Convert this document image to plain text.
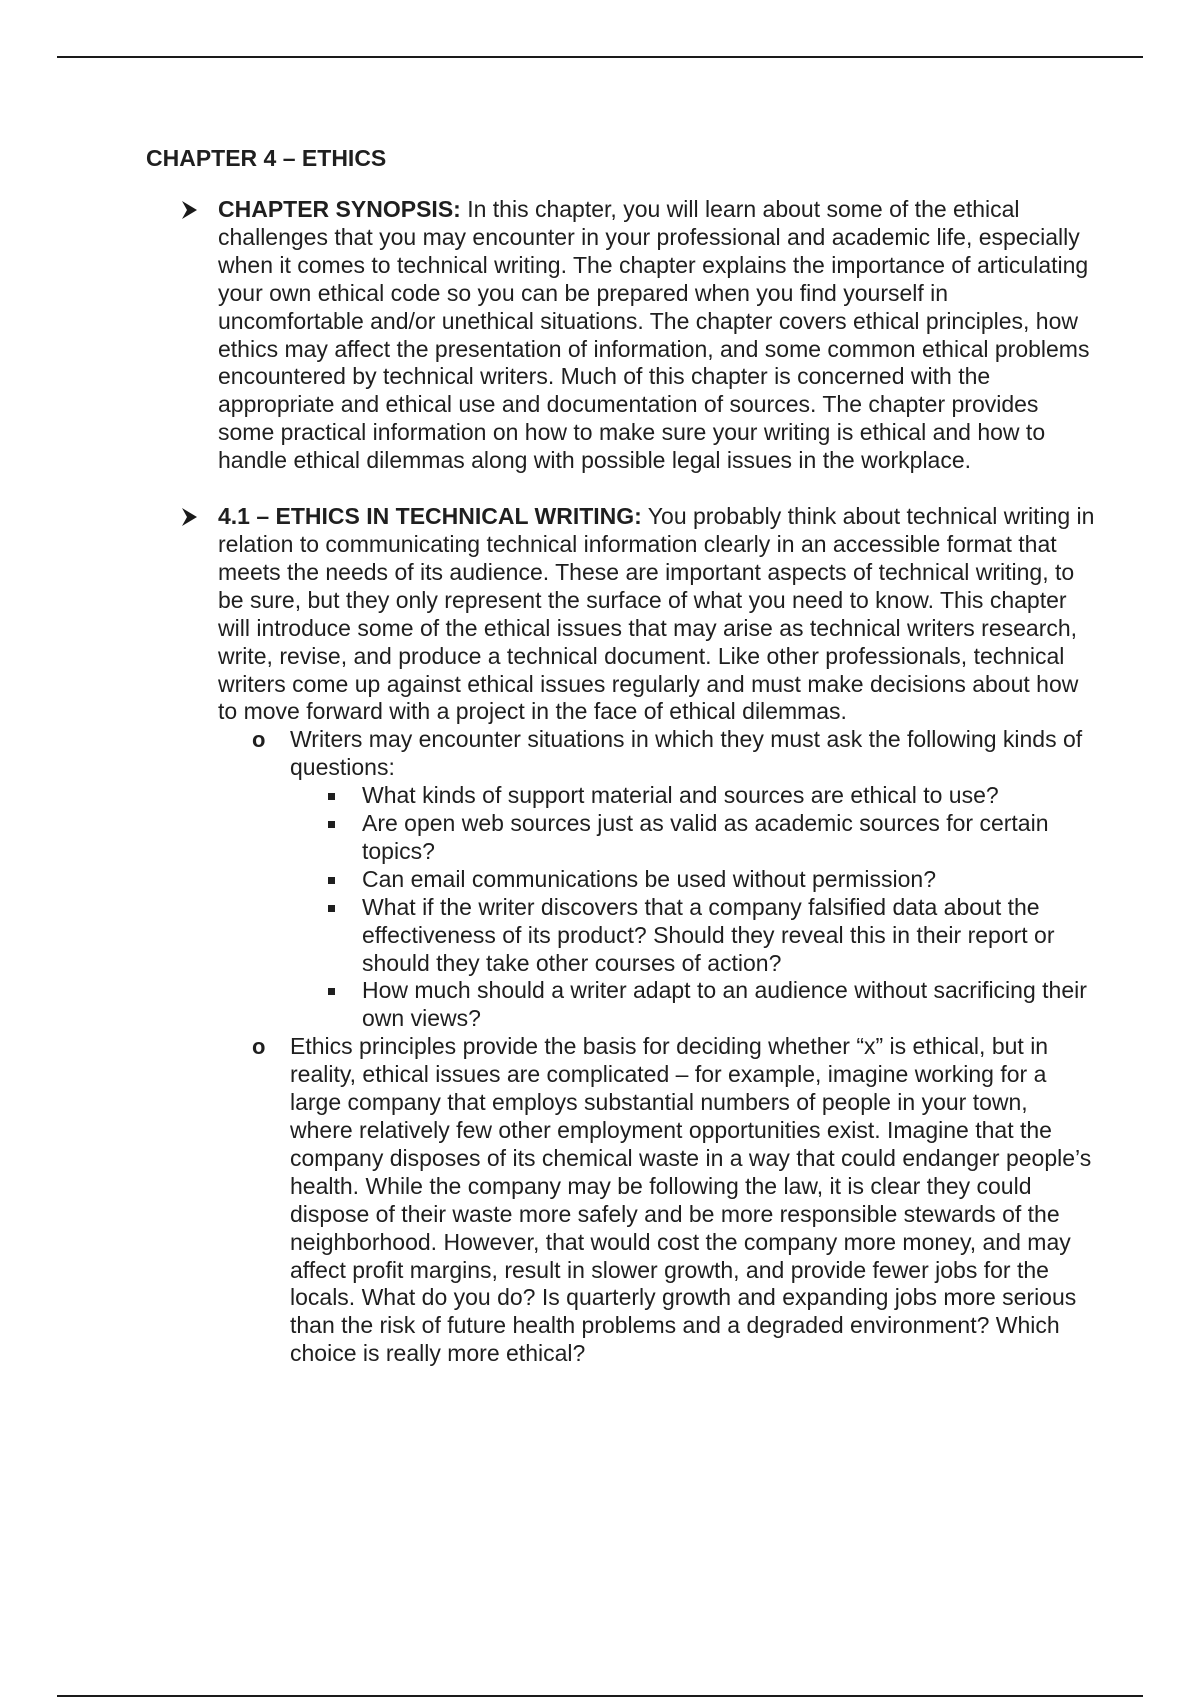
CHAPTER 4 – ETHICS
CHAPTER SYNOPSIS: In this chapter, you will learn about some of the ethical challenges that you may encounter in your professional and academic life, especially when it comes to technical writing. The chapter explains the importance of articulating your own ethical code so you can be prepared when you find yourself in uncomfortable and/or unethical situations. The chapter covers ethical principles, how ethics may affect the presentation of information, and some common ethical problems encountered by technical writers. Much of this chapter is concerned with the appropriate and ethical use and documentation of sources. The chapter provides some practical information on how to make sure your writing is ethical and how to handle ethical dilemmas along with possible legal issues in the workplace.
4.1 – ETHICS IN TECHNICAL WRITING: You probably think about technical writing in relation to communicating technical information clearly in an accessible format that meets the needs of its audience. These are important aspects of technical writing, to be sure, but they only represent the surface of what you need to know. This chapter will introduce some of the ethical issues that may arise as technical writers research, write, revise, and produce a technical document. Like other professionals, technical writers come up against ethical issues regularly and must make decisions about how to move forward with a project in the face of ethical dilemmas.
o Writers may encounter situations in which they must ask the following kinds of questions:
What kinds of support material and sources are ethical to use?
Are open web sources just as valid as academic sources for certain topics?
Can email communications be used without permission?
What if the writer discovers that a company falsified data about the effectiveness of its product? Should they reveal this in their report or should they take other courses of action?
How much should a writer adapt to an audience without sacrificing their own views?
o Ethics principles provide the basis for deciding whether “x” is ethical, but in reality, ethical issues are complicated – for example, imagine working for a large company that employs substantial numbers of people in your town, where relatively few other employment opportunities exist. Imagine that the company disposes of its chemical waste in a way that could endanger people’s health. While the company may be following the law, it is clear they could dispose of their waste more safely and be more responsible stewards of the neighborhood. However, that would cost the company more money, and may affect profit margins, result in slower growth, and provide fewer jobs for the locals. What do you do? Is quarterly growth and expanding jobs more serious than the risk of future health problems and a degraded environment? Which choice is really more ethical?
